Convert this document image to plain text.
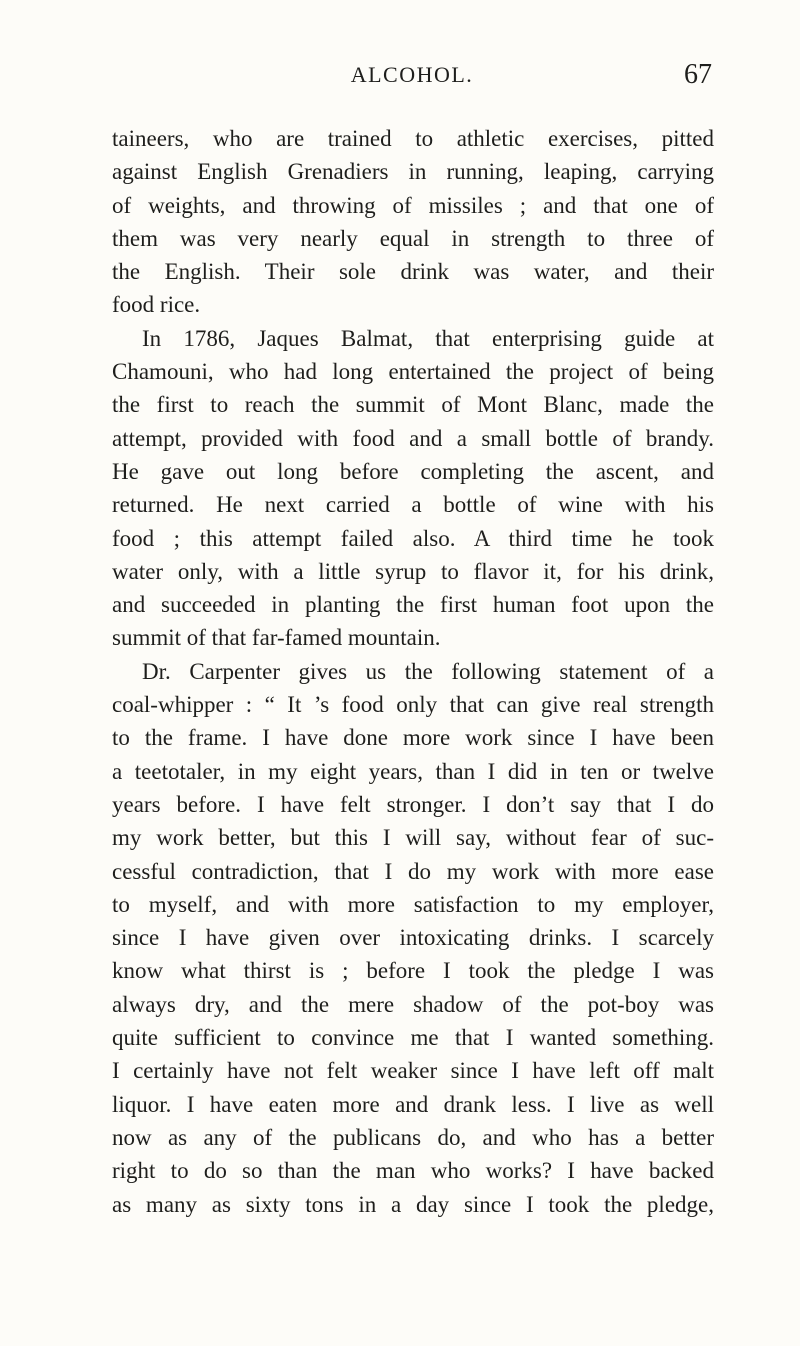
ALCOHOL.	67
taineers, who are trained to athletic exercises, pitted
against English Grenadiers in running, leaping, carrying
of weights, and throwing of missiles ; and that one of
them was very nearly equal in strength to three of
the English. Their sole drink was water, and their
food rice.
In 1786, Jaques Balmat, that enterprising guide at
Chamouni, who had long entertained the project of being
the first to reach the summit of Mont Blanc, made the
attempt, provided with food and a small bottle of brandy.
He gave out long before completing the ascent, and
returned. He next carried a bottle of wine with his
food ; this attempt failed also. A third time he took
water only, with a little syrup to flavor it, for his drink,
and succeeded in planting the first human foot upon the
summit of that far-famed mountain.
Dr. Carpenter gives us the following statement of a
coal-whipper : “ It ’s food only that can give real strength
to the frame. I have done more work since I have been
a teetotaler, in my eight years, than I did in ten or twelve
years before. I have felt stronger. I don’t say that I do
my work better, but this I will say, without fear of suc-
cessful contradiction, that I do my work with more ease
to myself, and with more satisfaction to my employer,
since I have given over intoxicating drinks. I scarcely
know what thirst is ; before I took the pledge I was
always dry, and the mere shadow of the pot-boy was
quite sufficient to convince me that I wanted something.
I certainly have not felt weaker since I have left off malt
liquor. I have eaten more and drank less. I live as well
now as any of the publicans do, and who has a better
right to do so than the man who works? I have backed
as many as sixty tons in a day since I took the pledge,
